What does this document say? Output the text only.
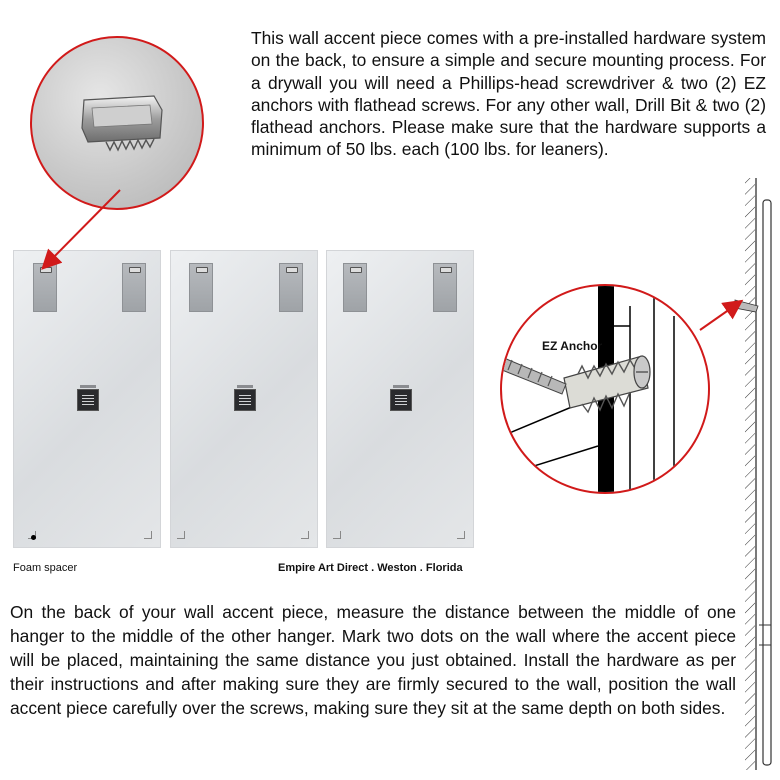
This wall accent piece comes with a pre-installed hardware system on the back, to ensure a simple and secure mounting process. For a drywall you will need a Phillips-head screwdriver & two (2) EZ anchors with flathead screws. For any other wall, Drill Bit & two (2) flathead anchors. Please make sure that the hardware supports a minimum of 50 lbs. each (100 lbs. for leaners).

Foam spacer	Empire Art Direct . Weston . Florida
EZ Anchor

On the back of your wall accent piece, measure the distance between the middle of one hanger to the middle of the other hanger. Mark two dots on the wall where the accent piece will be placed, maintaining the same distance you just obtained. Install the hardware as per their instructions and after making sure they are firmly secured to the wall, position the wall accent piece carefully over the screws, making sure they sit at the same depth on both sides.
